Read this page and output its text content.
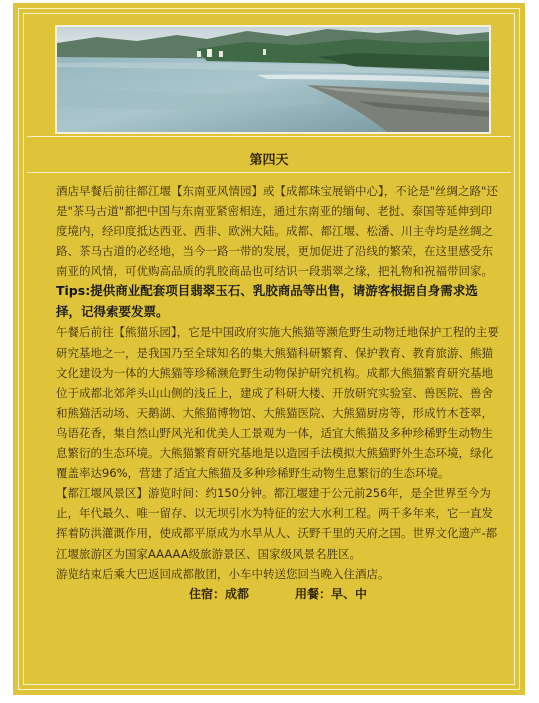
第四天

酒店早餐后前往都江堰【东南亚风情园】或【成都珠宝展销中心】，不论是"丝绸之路"还是"茶马古道"都把中国与东南亚紧密相连，通过东南亚的缅甸、老挝、泰国等延伸到印度境内，经印度抵达西亚、西非、欧洲大陆。成都、都江堰、松潘、川主寺均是丝绸之路、茶马古道的必经地，当今一路一带的发展，更加促进了沿线的繁荣，在这里感受东南亚的风情，可优购高品质的乳胶商品也可结识一段翡翠之缘，把礼物和祝福带回家。

Tips:提供商业配套项目翡翠玉石、乳胶商品等出售，请游客根据自身需求选择，记得索要发票。

午餐后前往【熊猫乐园】，它是中国政府实施大熊猫等濒危野生动物迁地保护工程的主要研究基地之一，是我国乃至全球知名的集大熊猫科研繁育、保护教育、教育旅游、熊猫文化建设为一体的大熊猫等珍稀濒危野生动物保护研究机构。成都大熊猫繁育研究基地位于成都北郊斧头山山侧的浅丘上，建成了科研大楼、开放研究实验室、兽医院、兽舍和熊猫活动场、天鹅湖、大熊猫博物馆、大熊猫医院、大熊猫厨房等，形成竹木苍翠，鸟语花香，集自然山野风光和优美人工景观为一体，适宜大熊猫及多种珍稀野生动物生息繁衍的生态环境。大熊猫繁育研究基地是以造园手法模拟大熊猫野外生态环境，绿化覆盖率达96%，营建了适宜大熊猫及多种珍稀野生动物生息繁衍的生态环境。

【都江堰风景区】游览时间：约150分钟。都江堰建于公元前256年，是全世界至今为止，年代最久、唯一留存、以无坝引水为特征的宏大水利工程。两千多年来，它一直发挥着防洪灌溉作用，使成都平原成为水旱从人、沃野千里的天府之国。世界文化遗产-都江堰旅游区为国家AAAAA级旅游景区、国家级风景名胜区。

游览结束后乘大巴返回成都散团，小车中转送您回当晚入住酒店。

住宿：成都	用餐：早、中
